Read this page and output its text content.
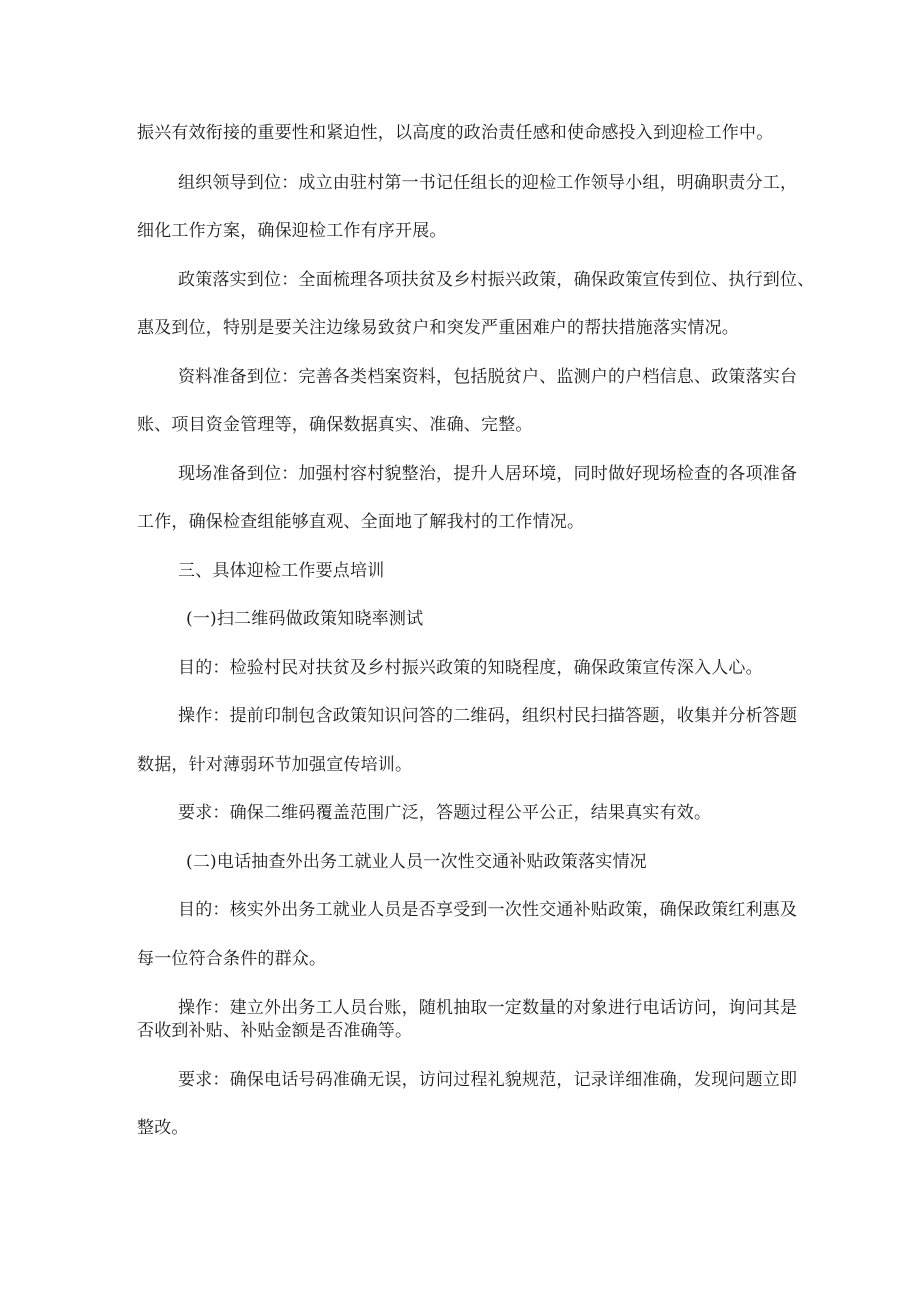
振兴有效衔接的重要性和紧迫性，以高度的政治责任感和使命感投入到迎检工作中。

组织领导到位：成立由驻村第一书记任组长的迎检工作领导小组，明确职责分工，

细化工作方案，确保迎检工作有序开展。

政策落实到位：全面梳理各项扶贫及乡村振兴政策，确保政策宣传到位、执行到位、

惠及到位，特别是要关注边缘易致贫户和突发严重困难户的帮扶措施落实情况。

资料准备到位：完善各类档案资料，包括脱贫户、监测户的户档信息、政策落实台

账、项目资金管理等，确保数据真实、准确、完整。

现场准备到位：加强村容村貌整治，提升人居环境，同时做好现场检查的各项准备

工作，确保检查组能够直观、全面地了解我村的工作情况。

三、具体迎检工作要点培训

(一)扫二维码做政策知晓率测试

目的：检验村民对扶贫及乡村振兴政策的知晓程度，确保政策宣传深入人心。

操作：提前印制包含政策知识问答的二维码，组织村民扫描答题，收集并分析答题

数据，针对薄弱环节加强宣传培训。

要求：确保二维码覆盖范围广泛，答题过程公平公正，结果真实有效。

(二)电话抽查外出务工就业人员一次性交通补贴政策落实情况

目的：核实外出务工就业人员是否享受到一次性交通补贴政策，确保政策红利惠及

每一位符合条件的群众。

操作：建立外出务工人员台账，随机抽取一定数量的对象进行电话访问，询问其是

否收到补贴、补贴金额是否准确等。

要求：确保电话号码准确无误，访问过程礼貌规范，记录详细准确，发现问题立即

整改。
